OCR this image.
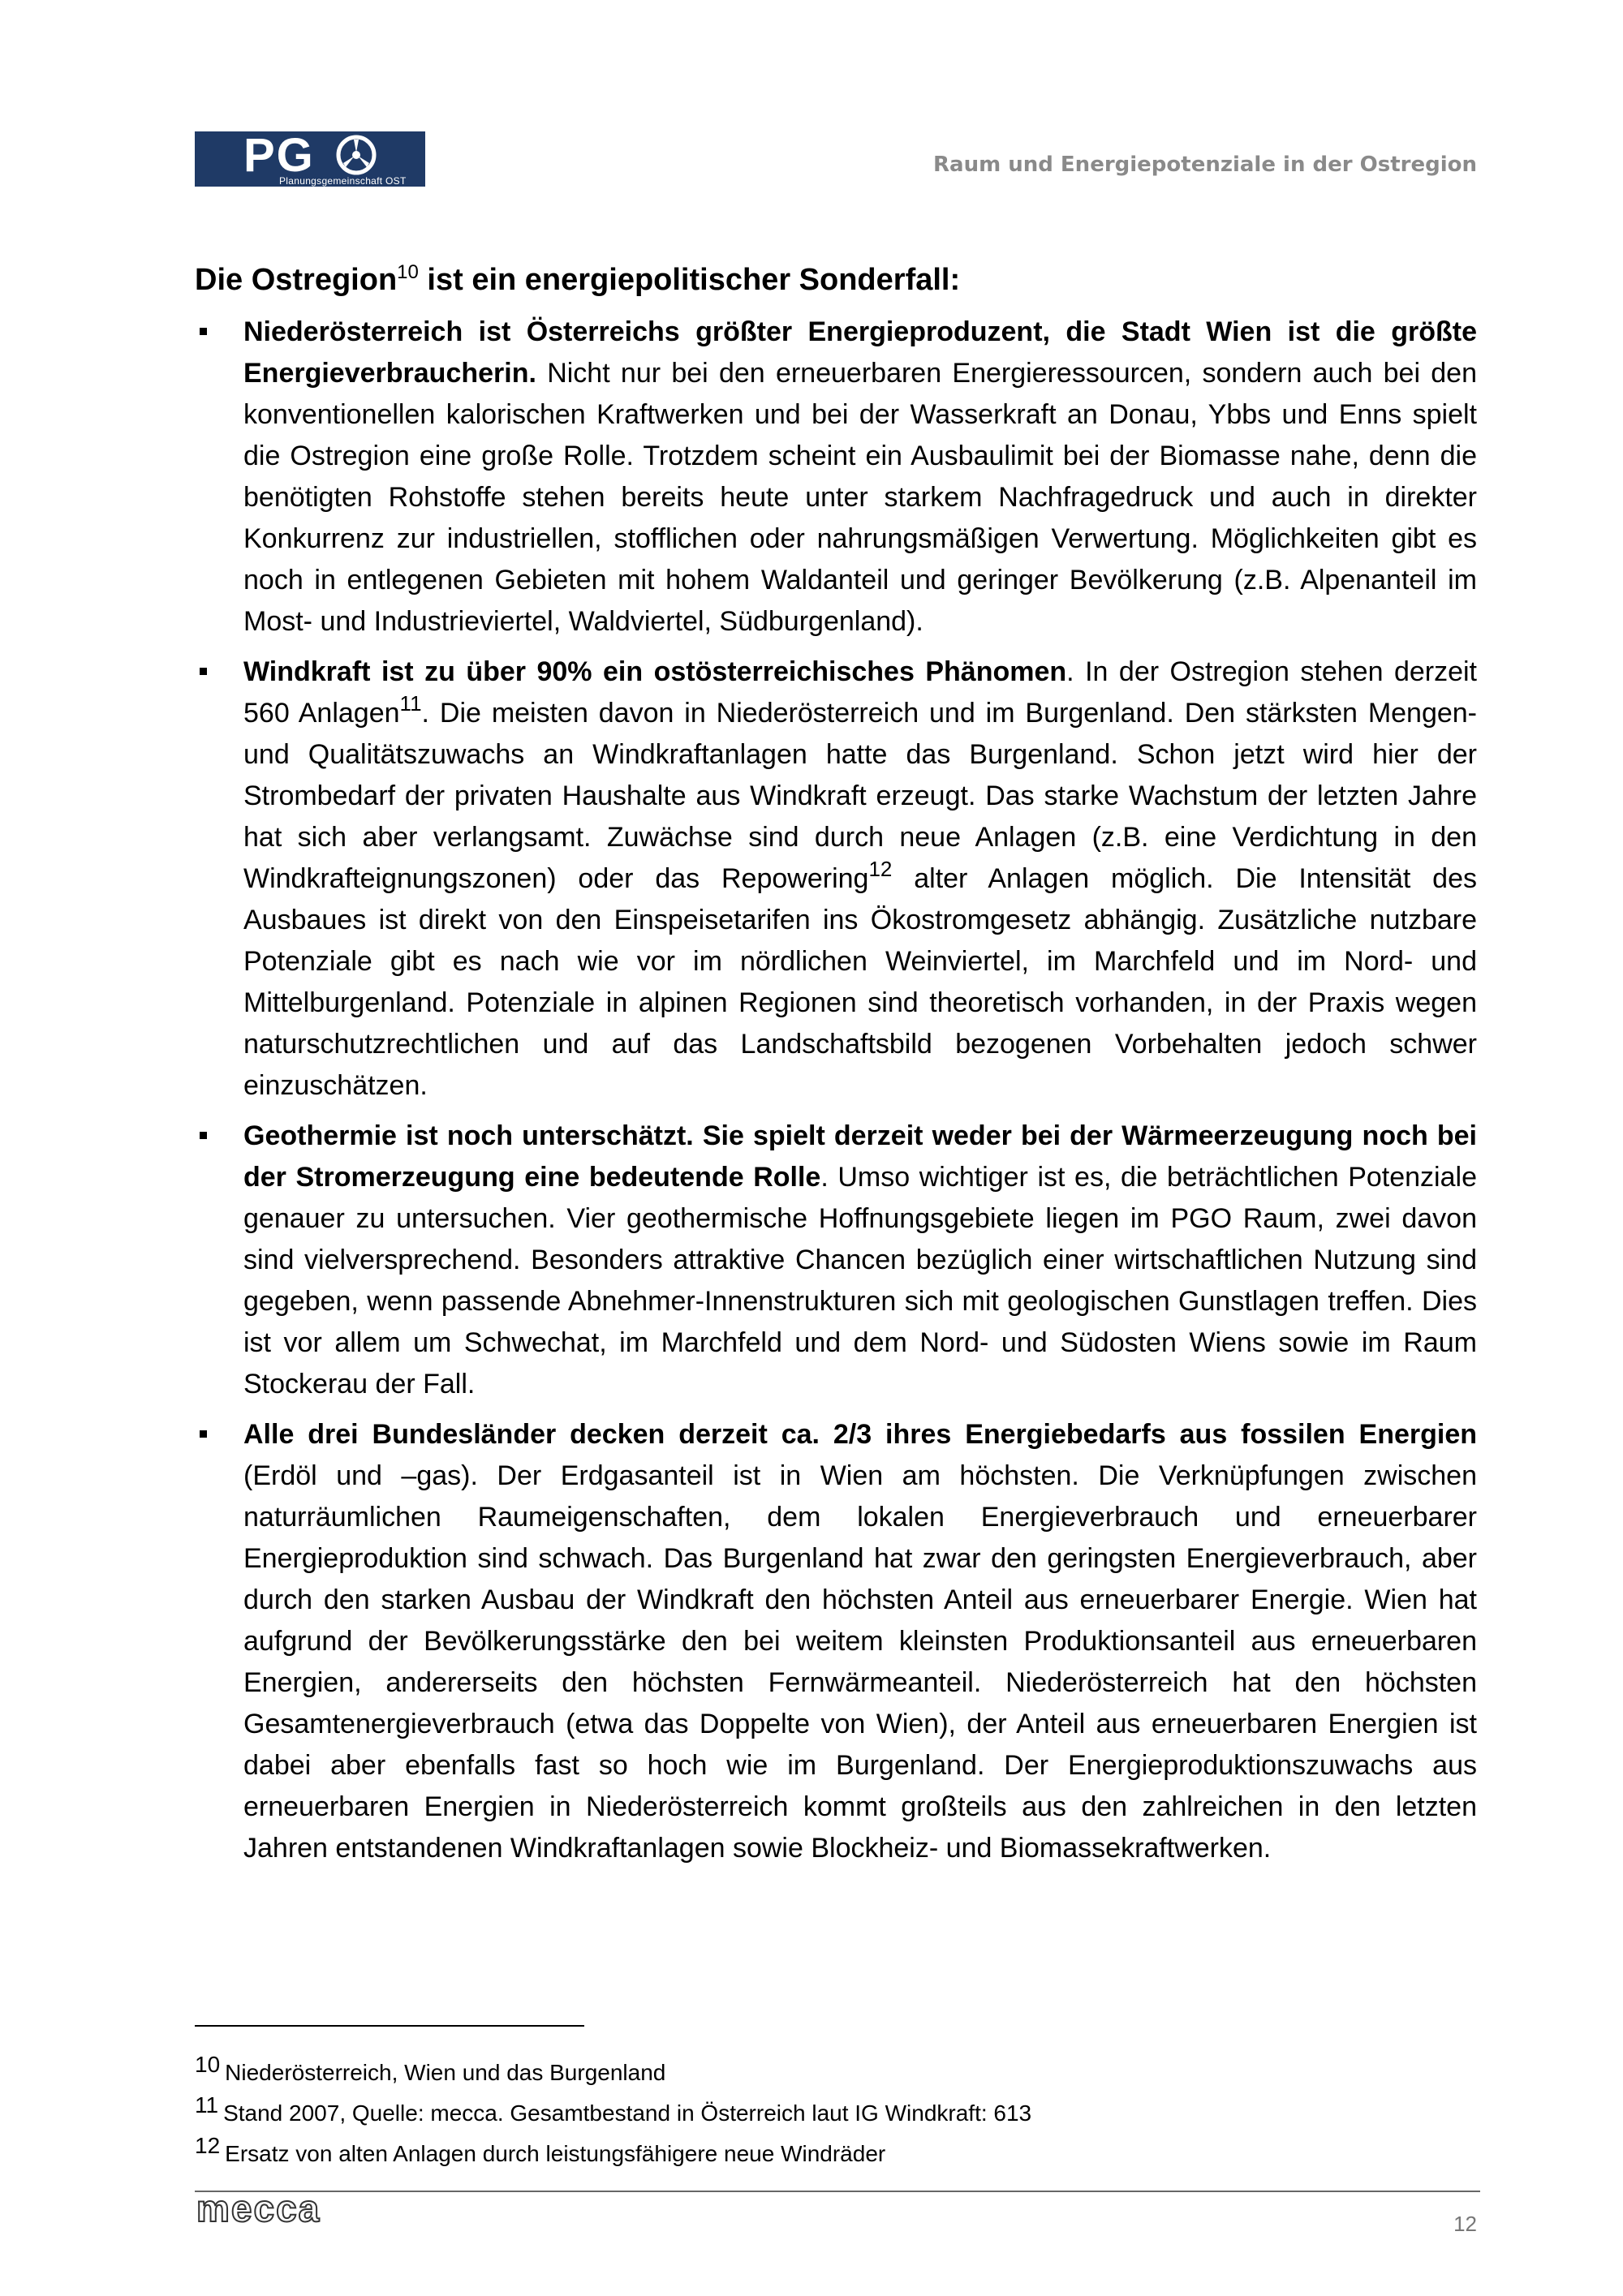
PG
Planungsgemeinschaft OST
Raum und Energiepotenziale in der Ostregion
Die Ostregion$^{10}$ ist ein energiepolitischer Sonderfall:
Niederösterreich ist Österreichs größter Energieproduzent, die Stadt Wien ist die größte Energieverbraucherin. Nicht nur bei den erneuerbaren Energieressourcen, sondern auch bei den konventionellen kalorischen Kraftwerken und bei der Wasserkraft an Donau, Ybbs und Enns spielt die Ostregion eine große Rolle. Trotzdem scheint ein Ausbaulimit bei der Biomasse nahe, denn die benötigten Rohstoffe stehen bereits heute unter starkem Nachfragedruck und auch in direkter Konkurrenz zur industriellen, stofflichen oder nahrungsmäßigen Verwertung. Möglichkeiten gibt es noch in entlegenen Gebieten mit hohem Waldanteil und geringer Bevölkerung (z.B. Alpenanteil im Most- und Industrieviertel, Waldviertel, Südburgenland).
Windkraft ist zu über 90% ein ostösterreichisches Phänomen. In der Ostregion stehen derzeit 560 Anlagen$^{11}$. Die meisten davon in Niederösterreich und im Burgenland. Den stärksten Mengen- und Qualitätszuwachs an Windkraftanlagen hatte das Burgenland. Schon jetzt wird hier der Strombedarf der privaten Haushalte aus Windkraft erzeugt. Das starke Wachstum der letzten Jahre hat sich aber verlangsamt. Zuwächse sind durch neue Anlagen (z.B. eine Verdichtung in den Windkrafteignungszonen) oder das Repowering$^{12}$ alter Anlagen möglich. Die Intensität des Ausbaues ist direkt von den Einspeisetarifen ins Ökostromgesetz abhängig. Zusätzliche nutzbare Potenziale gibt es nach wie vor im nördlichen Weinviertel, im Marchfeld und im Nord- und Mittelburgenland. Potenziale in alpinen Regionen sind theoretisch vorhanden, in der Praxis wegen naturschutzrechtlichen und auf das Landschaftsbild bezogenen Vorbehalten jedoch schwer einzuschätzen.
Geothermie ist noch unterschätzt. Sie spielt derzeit weder bei der Wärmeerzeugung noch bei der Stromerzeugung eine bedeutende Rolle. Umso wichtiger ist es, die beträchtlichen Potenziale genauer zu untersuchen. Vier geothermische Hoffnungsgebiete liegen im PGO Raum, zwei davon sind vielversprechend. Besonders attraktive Chancen bezüglich einer wirtschaftlichen Nutzung sind gegeben, wenn passende Abnehmer-Innenstrukturen sich mit geologischen Gunstlagen treffen. Dies ist vor allem um Schwechat, im Marchfeld und dem Nord- und Südosten Wiens sowie im Raum Stockerau der Fall.
Alle drei Bundesländer decken derzeit ca. 2/3 ihres Energiebedarfs aus fossilen Energien (Erdöl und –gas). Der Erdgasanteil ist in Wien am höchsten. Die Verknüpfungen zwischen naturräumlichen Raumeigenschaften, dem lokalen Energieverbrauch und erneuerbarer Energieproduktion sind schwach. Das Burgenland hat zwar den geringsten Energieverbrauch, aber durch den starken Ausbau der Windkraft den höchsten Anteil aus erneuerbarer Energie. Wien hat aufgrund der Bevölkerungsstärke den bei weitem kleinsten Produktionsanteil aus erneuerbaren Energien, andererseits den höchsten Fernwärmeanteil. Niederösterreich hat den höchsten Gesamtenergieverbrauch (etwa das Doppelte von Wien), der Anteil aus erneuerbaren Energien ist dabei aber ebenfalls fast so hoch wie im Burgenland. Der Energieproduktionszuwachs aus erneuerbaren Energien in Niederösterreich kommt großteils aus den zahlreichen in den letzten Jahren entstandenen Windkraftanlagen sowie Blockheiz- und Biomassekraftwerken.
$^{10}$ Niederösterreich, Wien und das Burgenland
$^{11}$ Stand 2007, Quelle: mecca. Gesamtbestand in Österreich laut IG Windkraft: 613
$^{12}$ Ersatz von alten Anlagen durch leistungsfähigere neue Windräder
mecca	12
